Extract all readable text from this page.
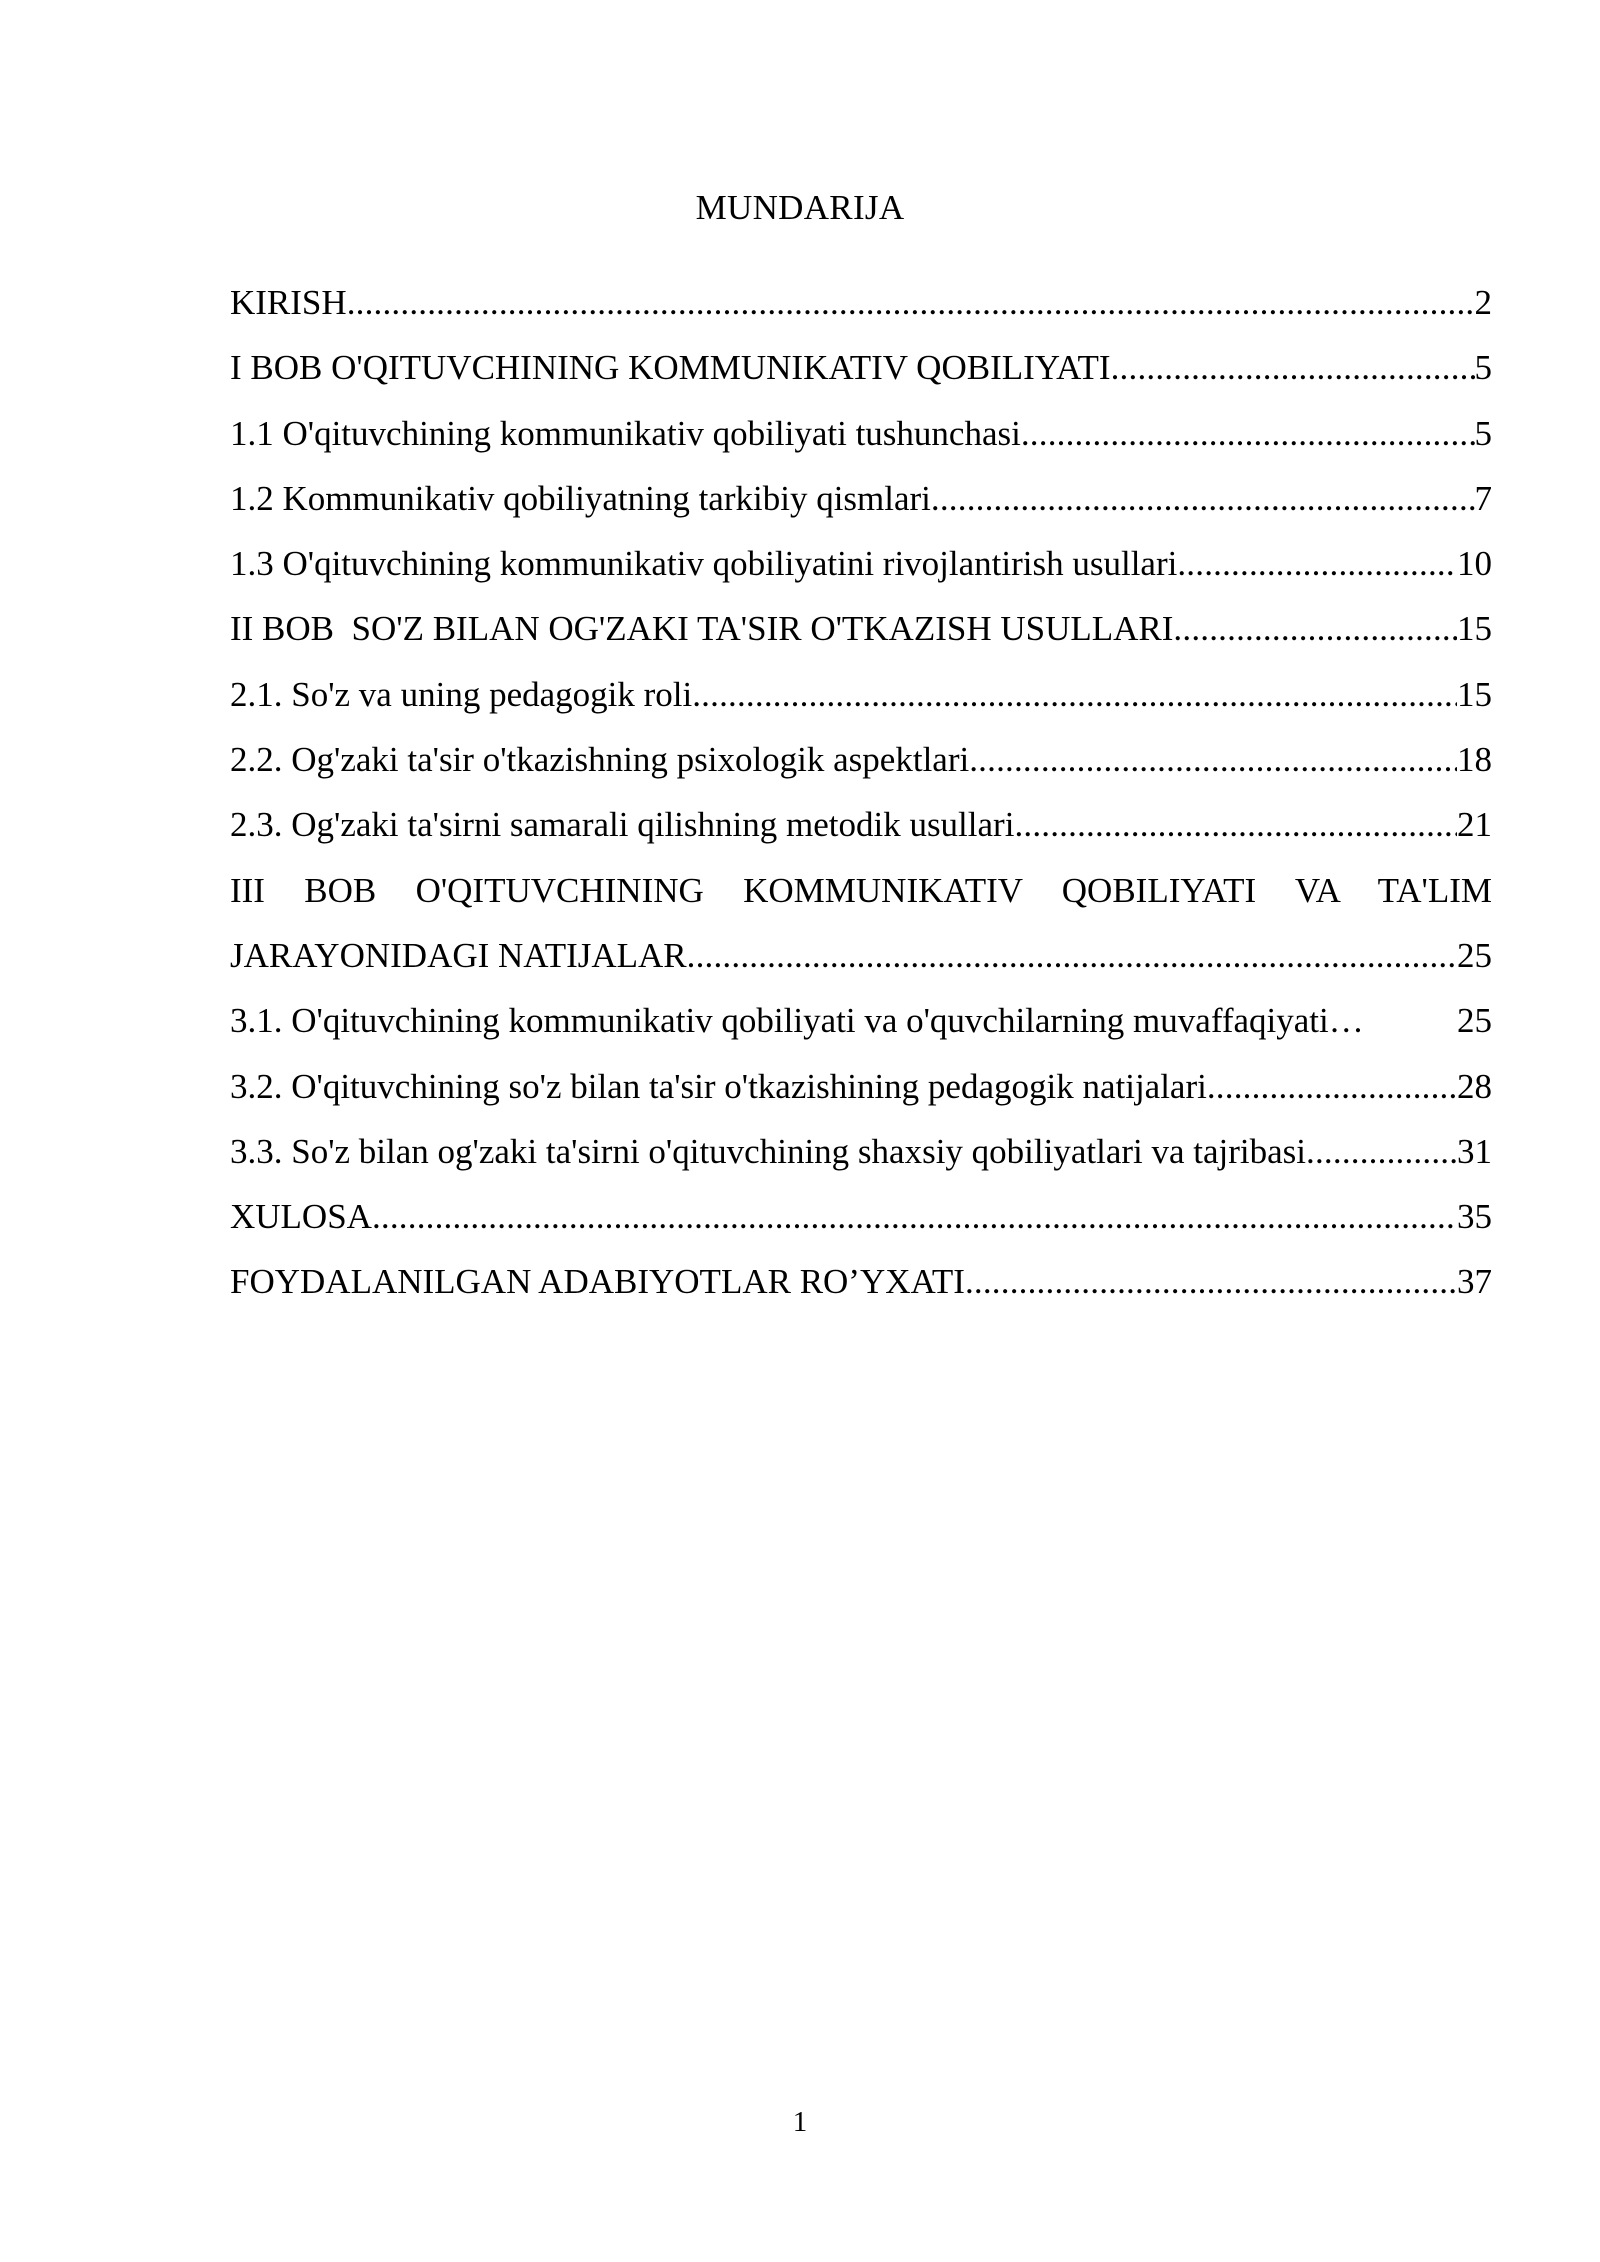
MUNDARIJA
KIRISH .....	2
I BOB O'QITUVCHINING KOMMUNIKATIV QOBILIYATI .....	5
1.1 O'qituvchining kommunikativ qobiliyati tushunchasi .....	5
1.2 Kommunikativ qobiliyatning tarkibiy qismlari .....	7
1.3 O'qituvchining kommunikativ qobiliyatini rivojlantirish usullari .....	10
II BOB  SO'Z BILAN OG'ZAKI TA'SIR O'TKAZISH USULLARI .....	15
2.1. So'z va uning pedagogik roli .....	15
2.2. Og'zaki ta'sir o'tkazishning psixologik aspektlari .....	18
2.3. Og'zaki ta'sirni samarali qilishning metodik usullari .....	21
III BOB O'QITUVCHINING KOMMUNIKATIV QOBILIYATI VA TA'LIM
JARAYONIDAGI NATIJALAR .....	25
3.1. O'qituvchining kommunikativ qobiliyati va o'quvchilarning muvaffaqiyati …	25
3.2. O'qituvchining so'z bilan ta'sir o'tkazishining pedagogik natijalari .....	28
3.3. So'z bilan og'zaki ta'sirni o'qituvchining shaxsiy qobiliyatlari va tajribasi .....	31
XULOSA .....	35
FOYDALANILGAN ADABIYOTLAR RO’YXATI .....	37
1
